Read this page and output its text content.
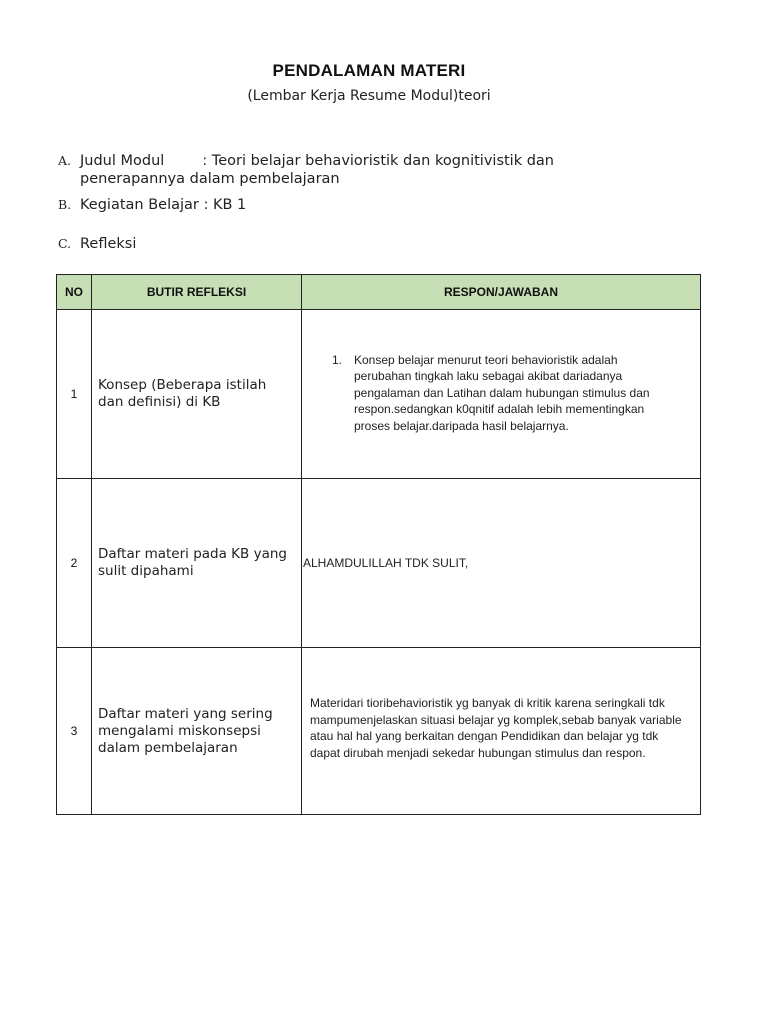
PENDALAMAN MATERI
(Lembar Kerja Resume Modul)teori
A. Judul Modul	: Teori belajar behavioristik dan kognitivistik dan
penerapannya dalam pembelajaran
B. Kegiatan Belajar : KB 1
C. Refleksi
NO	BUTIR REFLEKSI	RESPON/JAWABAN
1	Konsep (Beberapa istilah dan definisi) di KB	1. Konsep belajar menurut teori behavioristik adalah perubahan tingkah laku sebagai akibat dariadanya pengalaman dan Latihan dalam hubungan stimulus dan respon.sedangkan k0qnitif adalah lebih mementingkan proses belajar.daripada hasil belajarnya.

2	Daftar materi pada KB yang sulit dipahami	ALHAMDULILLAH TDK SULIT,

3	Daftar materi yang sering mengalami miskonsepsi dalam pembelajaran	Materidari tioribehavioristik yg banyak di kritik karena seringkali tdk mampumenjelaskan situasi belajar yg komplek,sebab banyak variable atau hal hal yang berkaitan dengan Pendidikan dan belajar yg tdk dapat dirubah menjadi sekedar hubungan stimulus dan respon.
